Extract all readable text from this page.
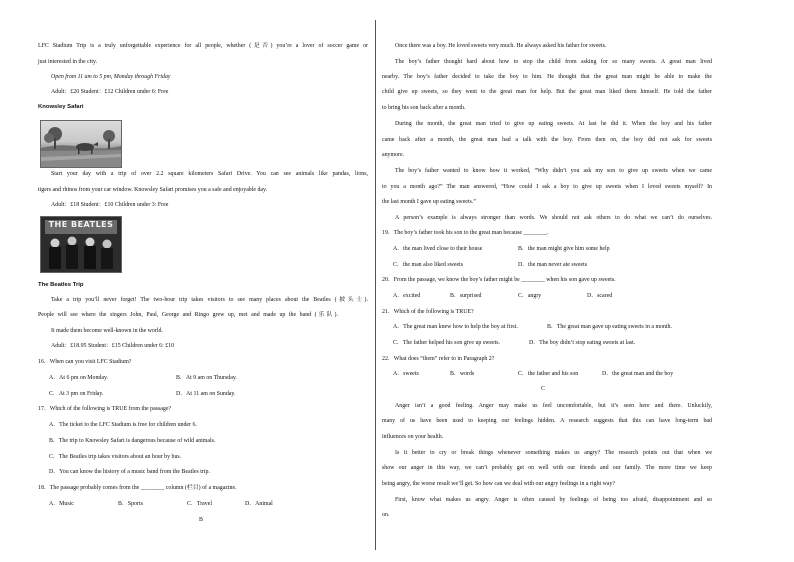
LFC Stadium Trip is a truly unforgettable experience for all people, whether (是否) you’re a lover of soccer game or
just interested in the city.
Open from 11 am to 5 pm, Monday through Friday
Adult：£20 Student：£12 Children under 6: Free
Knowsley Safari
Start your day with a trip of over 2.2 square kilometers Safari Drive. You can see animals like pandas, lions,
tigers and rhinos from your car window. Knowsley Safari promises you a safe and enjoyable day.
Adult：£18 Student：£10 Children under 3: Free
THE BEATLES
The Beatles Trip
Take a trip you’ll never forget! The two-hour trip takes visitors to see many places about the Beatles (披头士).
People will see where the singers John, Paul, George and Ringo grew up, met and made up the band (乐队).
It made them become well-known in the world.
Adult：£18.95 Student：£15 Children under 6: £10
16．When can you visit LFC Stadium?
A．At 6 pm on Monday.	B．At 9 am on Thursday.
C．At 3 pm on Friday.	D．At 11 am on Sunday.
17．Which of the following is TRUE from the passage?
A．The ticket to the LFC Stadium is free for children under 6.
B．The trip to Knowsley Safari is dangerous because of wild animals.
C．The Beatles trip takes visitors about an hour by bus.
D．You can know the history of a music band from the Beatles trip.
18．The passage probably comes from the ________ column (栏目) of a magazine.
A．Music	B．Sports	C．Travel	D．Animal
B
Once there was a boy. He loved sweets very much. He always asked his father for sweets.
The boy’s father thought hard about how to stop the child from asking for so many sweets. A great man lived
nearby. The boy’s father decided to take the boy to him. He thought that the great man might be able to make the
child give up sweets, so they went to the great man for help. But the great man liked them himself. He told the father
to bring his son back after a month.
During the month, the great man tried to give up eating sweets. At last he did it. When the boy and his father
came back after a month, the great man had a talk with the boy. From then on, the boy did not ask for sweets
anymore.
The boy’s father wanted to know how it worked, “Why didn’t you ask my son to give up sweets when we came
to you a month ago?” The man answered, “How could I ask a boy to give up sweets when I loved sweets myself? In
the last month I gave up eating sweets.”
A person’s example is always stronger than words. We should not ask others to do what we can’t do ourselves.
19．The boy’s father took his son to the great man because ________.
A．the man lived close to their house	B．the man might give him some help
C．the man also liked sweets	D．the man never ate sweets
20．From the passage, we know the boy’s father might be ________ when his son gave up sweets.
A．excited	B．surprised	C．angry	D．scared
21．Which of the following is TRUE?
A．The great man knew how to help the boy at first.	B．The great man gave up eating sweets in a month.
C．The father helped his son give up sweets.	D．The boy didn’t stop eating sweets at last.
22．What does “them” refer to in Paragraph 2?
A．sweets	B．words	C．the father and his son	D．the great man and the boy
C
Anger isn’t a good feeling. Anger may make us feel uncomfortable, but it’s seen here and there. Unluckily,
many of us have been used to keeping our feelings hidden. A research suggests that this can have long-term bad
influences on your health.
Is it better to cry or break things whenever something makes us angry? The research points out that when we
show our anger in this way, we can’t probably get on well with our friends and our family. The more time we keep
being angry, the worse result we’ll get. So how can we deal with our angry feelings in a right way?
First, know what makes us angry. Anger is often caused by feelings of being too afraid, disappointment and so
on.
